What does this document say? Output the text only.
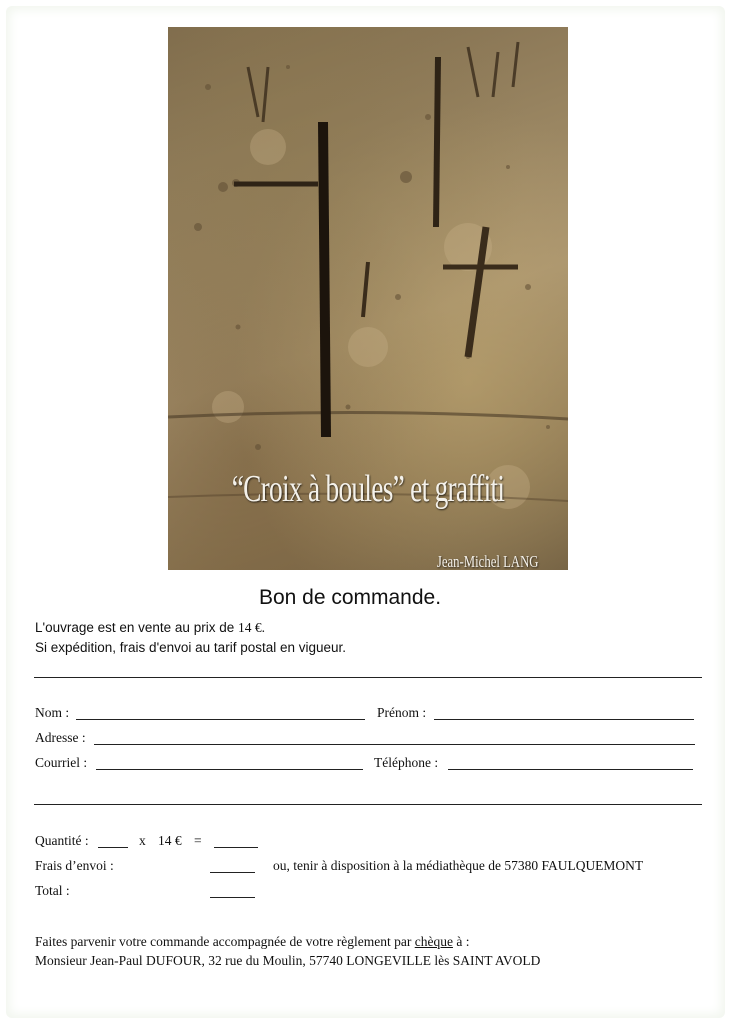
“Croix à boules” et graffiti
Jean-Michel LANG
Bon de commande.
L'ouvrage est en vente au prix de 14 €.
Si expédition, frais d'envoi au tarif postal en vigueur.
Nom :	Prénom :
Adresse :
Courriel :	Téléphone :
Quantité :	x 14 € =
Frais d’envoi :	ou, tenir à disposition à la médiathèque de 57380 FAULQUEMONT
Total :
Faites parvenir votre commande accompagnée de votre règlement par chèque à :
Monsieur Jean-Paul DUFOUR, 32 rue du Moulin, 57740 LONGEVILLE lès SAINT AVOLD
